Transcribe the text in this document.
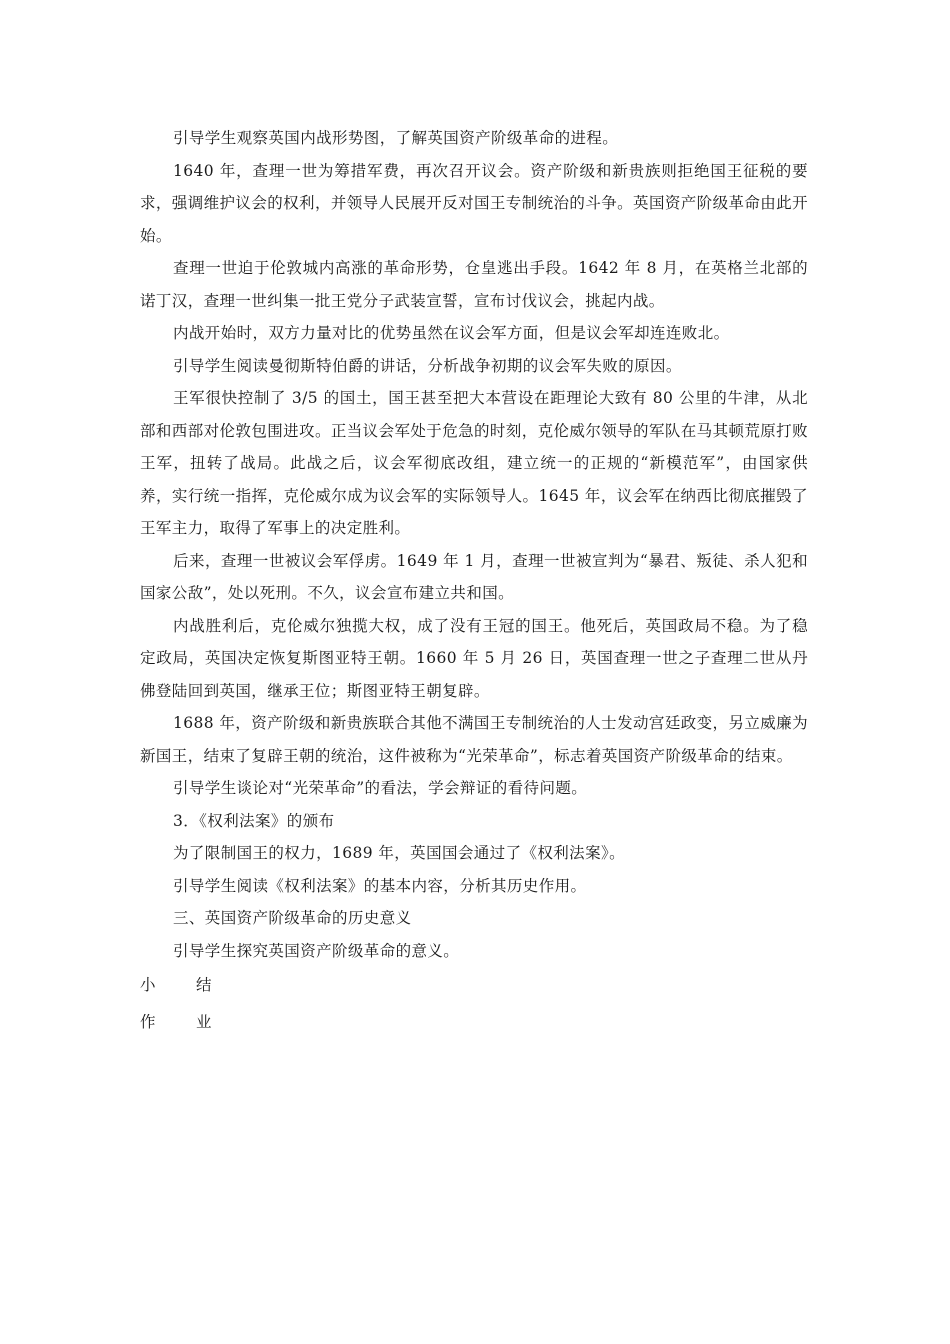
引导学生观察英国内战形势图，了解英国资产阶级革命的进程。

1640 年，查理一世为筹措军费，再次召开议会。资产阶级和新贵族则拒绝国王征税的要求，强调维护议会的权利，并领导人民展开反对国王专制统治的斗争。英国资产阶级革命由此开始。

查理一世迫于伦敦城内高涨的革命形势，仓皇逃出手段。1642 年 8 月，在英格兰北部的诺丁汉，查理一世纠集一批王党分子武装宣誓，宣布讨伐议会，挑起内战。

内战开始时，双方力量对比的优势虽然在议会军方面，但是议会军却连连败北。

引导学生阅读曼彻斯特伯爵的讲话，分析战争初期的议会军失败的原因。

王军很快控制了 3/5 的国土，国王甚至把大本营设在距理论大致有 80 公里的牛津，从北部和西部对伦敦包围进攻。正当议会军处于危急的时刻，克伦威尔领导的军队在马其顿荒原打败王军，扭转了战局。此战之后，议会军彻底改组，建立统一的正规的“新模范军”，由国家供养，实行统一指挥，克伦威尔成为议会军的实际领导人。1645 年，议会军在纳西比彻底摧毁了王军主力，取得了军事上的决定胜利。

后来，查理一世被议会军俘虏。1649 年 1 月，查理一世被宣判为“暴君、叛徒、杀人犯和国家公敌”，处以死刑。不久，议会宣布建立共和国。

内战胜利后，克伦威尔独揽大权，成了没有王冠的国王。他死后，英国政局不稳。为了稳定政局，英国决定恢复斯图亚特王朝。1660 年 5 月 26 日，英国查理一世之子查理二世从丹佛登陆回到英国，继承王位；斯图亚特王朝复辟。

1688 年，资产阶级和新贵族联合其他不满国王专制统治的人士发动宫廷政变，另立威廉为新国王，结束了复辟王朝的统治，这件被称为“光荣革命”，标志着英国资产阶级革命的结束。

引导学生谈论对“光荣革命”的看法，学会辩证的看待问题。

3．《权利法案》的颁布

为了限制国王的权力，1689 年，英国国会通过了《权利法案》。

引导学生阅读《权利法案》的基本内容，分析其历史作用。

三、英国资产阶级革命的历史意义

引导学生探究英国资产阶级革命的意义。

小	结
作	业
